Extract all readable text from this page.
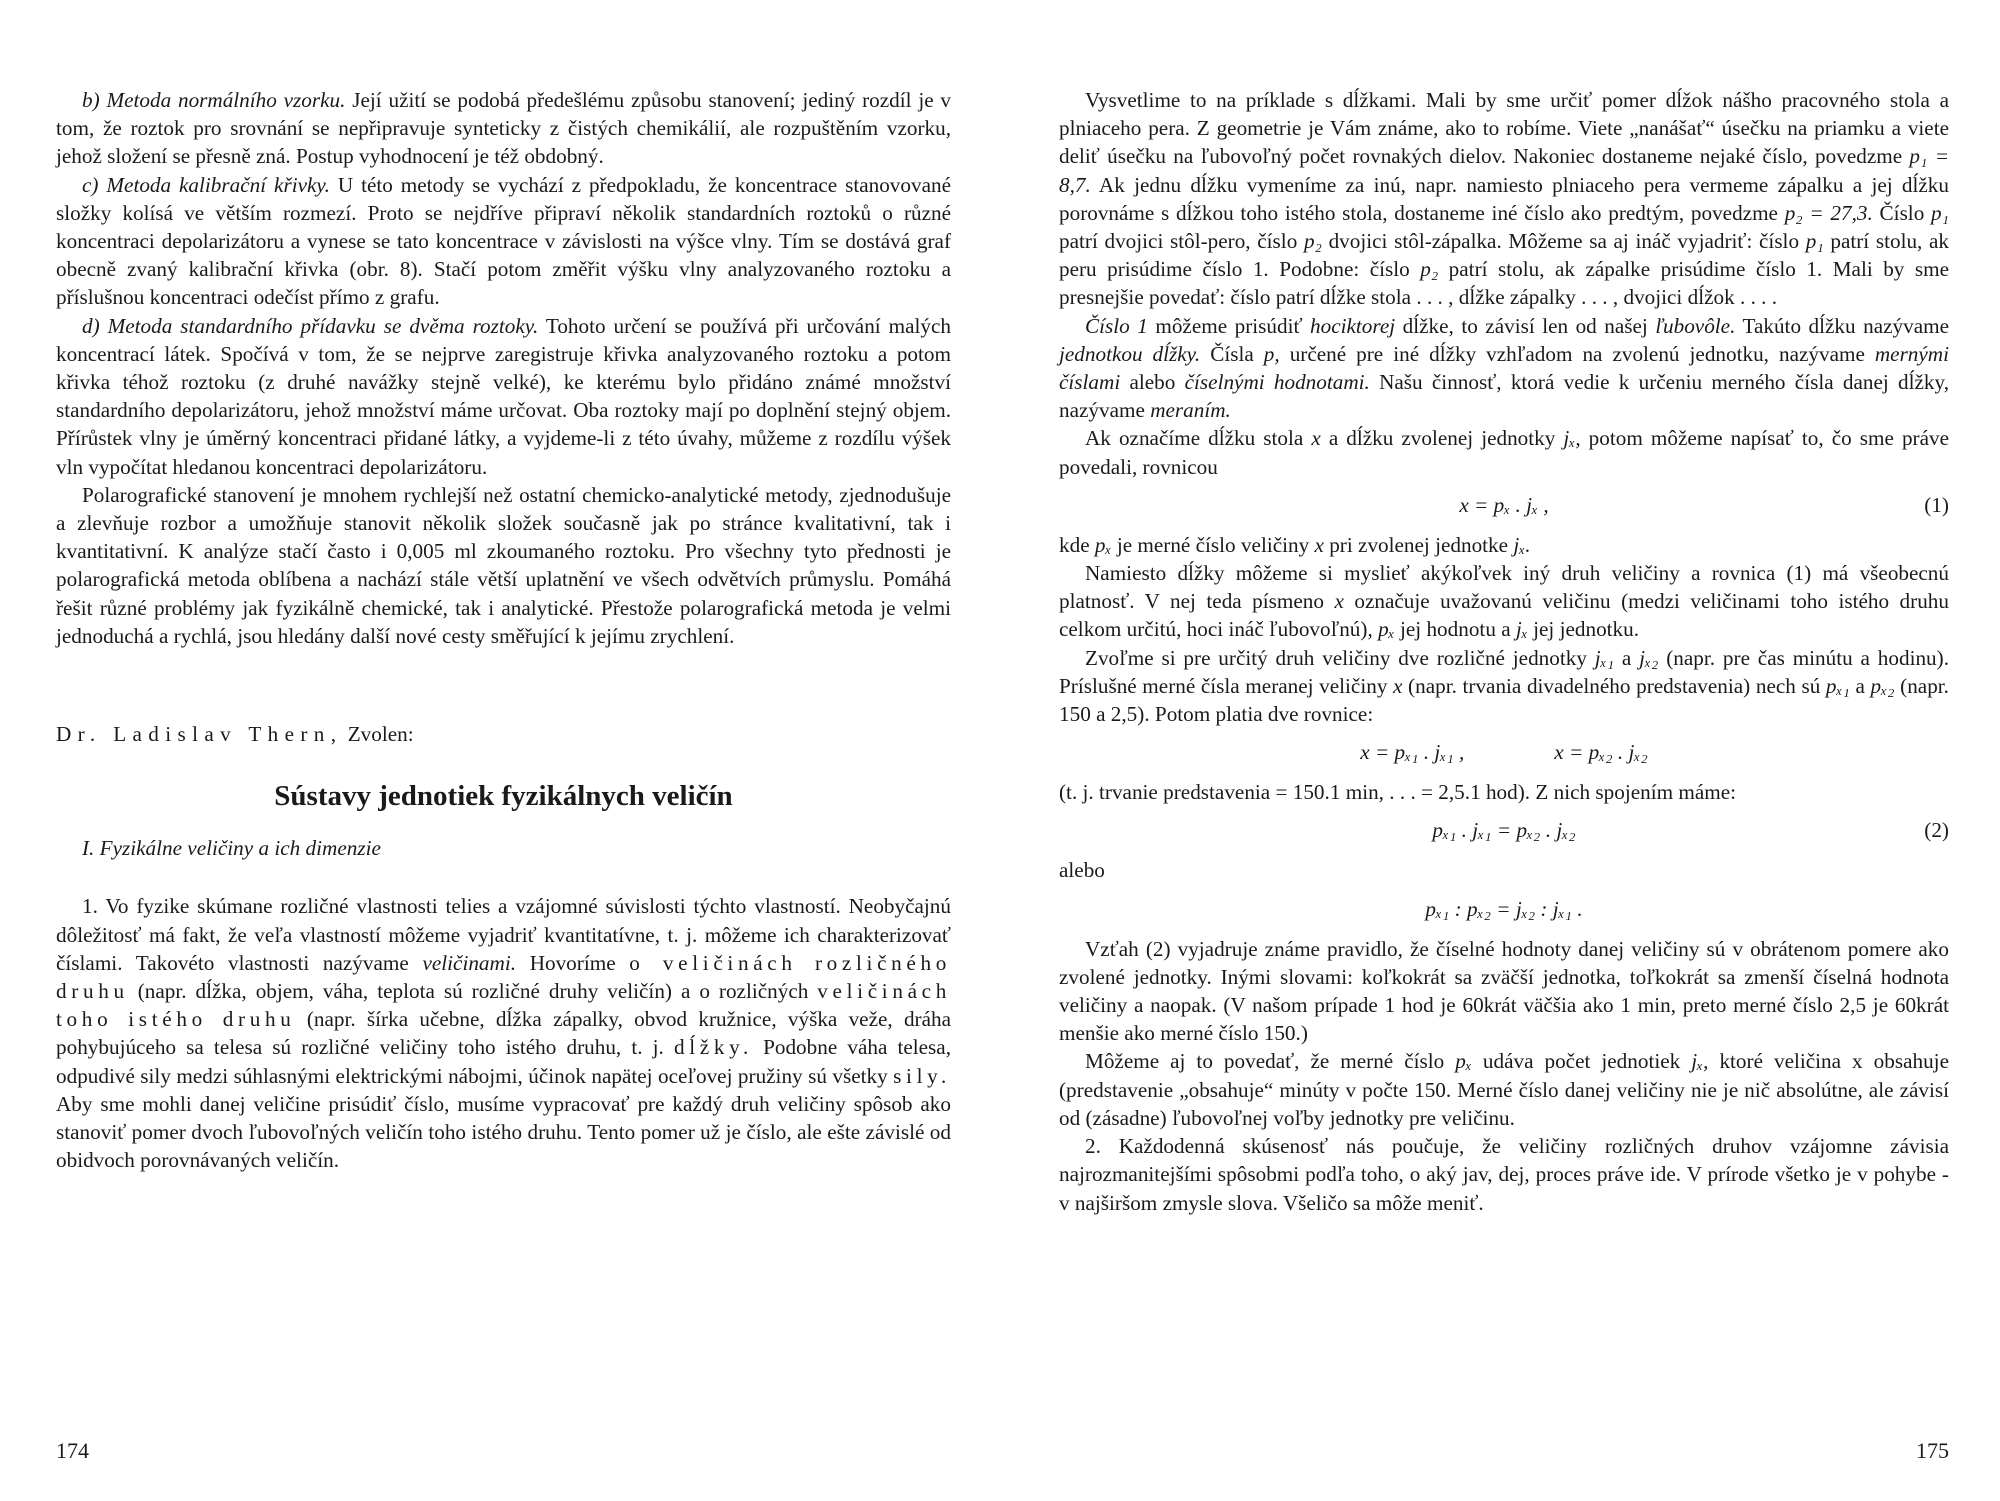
b) Metoda normálního vzorku. Její užití se podobá předešlému způsobu stanovení; jediný rozdíl je v tom, že roztok pro srovnání se nepřipravuje synteticky z čistých chemikálií, ale rozpuštěním vzorku, jehož složení se přesně zná. Postup vyhodnocení je též obdobný.

c) Metoda kalibrační křivky. U této metody se vychází z předpokladu, že koncentrace stanovované složky kolísá ve větším rozmezí. Proto se nejdříve připraví několik standardních roztoků o různé koncentraci depolarizátoru a vynese se tato koncentrace v závislosti na výšce vlny. Tím se dostává graf obecně zvaný kalibrační křivka (obr. 8). Stačí potom změřit výšku vlny analyzovaného roztoku a příslušnou koncentraci odečíst přímo z grafu.

d) Metoda standardního přídavku se dvěma roztoky. Tohoto určení se používá při určování malých koncentrací látek. Spočívá v tom, že se nejprve zaregistruje křivka analyzovaného roztoku a potom křivka téhož roztoku (z druhé navážky stejně velké), ke kterému bylo přidáno známé množství standardního depolarizátoru, jehož množství máme určovat. Oba roztoky mají po doplnění stejný objem. Přírůstek vlny je úměrný koncentraci přidané látky, a vyjdeme-li z této úvahy, můžeme z rozdílu výšek vln vypočítat hledanou koncentraci depolarizátoru.

Polarografické stanovení je mnohem rychlejší než ostatní chemicko-analytické metody, zjednodušuje a zlevňuje rozbor a umožňuje stanovit několik složek současně jak po stránce kvalitativní, tak i kvantitativní. K analýze stačí často i 0,005 ml zkoumaného roztoku. Pro všechny tyto přednosti je polarografická metoda oblíbena a nachází stále větší uplatnění ve všech odvětvích průmyslu. Pomáhá řešit různé problémy jak fyzikálně chemické, tak i analytické. Přestože polarografická metoda je velmi jednoduchá a rychlá, jsou hledány další nové cesty směřující k jejímu zrychlení.

Dr. Ladislav Thern, Zvolen:

Sústavy jednotiek fyzikálnych veličín
I. Fyzikálne veličiny a ich dimenzie

1. Vo fyzike skúmane rozličné vlastnosti telies a vzájomné súvislosti týchto vlastností. Neobyčajnú dôležitosť má fakt, že veľa vlastností môžeme vyjadriť kvantitatívne, t. j. môžeme ich charakterizovať číslami. Takovéto vlastnosti nazývame veličinami. Hovoríme o veličinách rozličného druhu (napr. dĺžka, objem, váha, teplota sú rozličné druhy veličín) a o rozličných veličinách toho istého druhu (napr. šírka učebne, dĺžka zápalky, obvod kružnice, výška veže, dráha pohybujúceho sa telesa sú rozličné veličiny toho istého druhu, t. j. dĺžky. Podobne váha telesa, odpudivé sily medzi súhlasnými elektrickými nábojmi, účinok napätej oceľovej pružiny sú všetky sily. Aby sme mohli danej veličine prisúdiť číslo, musíme vypracovať pre každý druh veličiny spôsob ako stanoviť pomer dvoch ľubovoľných veličín toho istého druhu. Tento pomer už je číslo, ale ešte závislé od obidvoch porovnávaných veličín.

174

Vysvetlime to na príklade s dĺžkami. Mali by sme určiť pomer dĺžok nášho pracovného stola a plniaceho pera. Z geometrie je Vám známe, ako to robíme. Viete „nanášať“ úsečku na priamku a viete deliť úsečku na ľubovoľný počet rovnakých dielov. Nakoniec dostaneme nejaké číslo, povedzme p₁ = 8,7. Ak jednu dĺžku vymeníme za inú, napr. namiesto plniaceho pera vermeme zápalku a jej dĺžku porovnáme s dĺžkou toho istého stola, dostaneme iné číslo ako predtým, povedzme p₂ = 27,3. Číslo p₁ patrí dvojici stôl-pero, číslo p₂ dvojici stôl-zápalka. Môžeme sa aj ináč vyjadriť: číslo p₁ patrí stolu, ak peru prisúdime číslo 1. Podobne: číslo p₂ patrí stolu, ak zápalke prisúdime číslo 1. Mali by sme presnejšie povedať: číslo patrí dĺžke stola . . . , dĺžke zápalky . . . , dvojici dĺžok . . . .

Číslo 1 môžeme prisúdiť hociktorej dĺžke, to závisí len od našej ľubovôle. Takúto dĺžku nazývame jednotkou dĺžky. Čísla p, určené pre iné dĺžky vzhľadom na zvolenú jednotku, nazývame mernými číslami alebo číselnými hodnotami. Našu činnosť, ktorá vedie k určeniu merného čísla danej dĺžky, nazývame meraním.

Ak označíme dĺžku stola x a dĺžku zvolenej jednotky jₓ, potom môžeme napísať to, čo sme práve povedali, rovnicou

x = pₓ . jₓ ,	(1)

kde pₓ je merné číslo veličiny x pri zvolenej jednotke jₓ.

Namiesto dĺžky môžeme si myslieť akýkoľvek iný druh veličiny a rovnica (1) má všeobecnú platnosť. V nej teda písmeno x označuje uvažovanú veličinu (medzi veličinami toho istého druhu celkom určitú, hoci ináč ľubovoľnú), pₓ jej hodnotu a jₓ jej jednotku.

Zvoľme si pre určitý druh veličiny dve rozličné jednotky jₓ₁ a jₓ₂ (napr. pre čas minútu a hodinu). Príslušné merné čísla meranej veličiny x (napr. trvania divadelného predstavenia) nech sú pₓ₁ a pₓ₂ (napr. 150 a 2,5). Potom platia dve rovnice:

x = pₓ₁ . jₓ₁ ,	x = pₓ₂ . jₓ₂

(t. j. trvanie predstavenia = 150.1 min, . . . = 2,5.1 hod). Z nich spojením máme:

pₓ₁ . jₓ₁ = pₓ₂ . jₓ₂	(2)

alebo

pₓ₁ : pₓ₂ = jₓ₂ : jₓ₁ .

Vzťah (2) vyjadruje známe pravidlo, že číselné hodnoty danej veličiny sú v obrátenom pomere ako zvolené jednotky. Inými slovami: koľkokrát sa zväčší jednotka, toľkokrát sa zmenší číselná hodnota veličiny a naopak. (V našom prípade 1 hod je 60krát väčšia ako 1 min, preto merné číslo 2,5 je 60krát menšie ako merné číslo 150.)

Môžeme aj to povedať, že merné číslo pₓ udáva počet jednotiek jₓ, ktoré veličina x obsahuje (predstavenie „obsahuje“ minúty v počte 150. Merné číslo danej veličiny nie je nič absolútne, ale závisí od (zásadne) ľubovoľnej voľby jednotky pre veličinu.

2. Každodenná skúsenosť nás poučuje, že veličiny rozličných druhov vzájomne závisia najrozmanitejšími spôsobmi podľa toho, o aký jav, dej, proces práve ide. V prírode všetko je v pohybe - v najširšom zmysle slova. Všeličo sa môže meniť.

175
